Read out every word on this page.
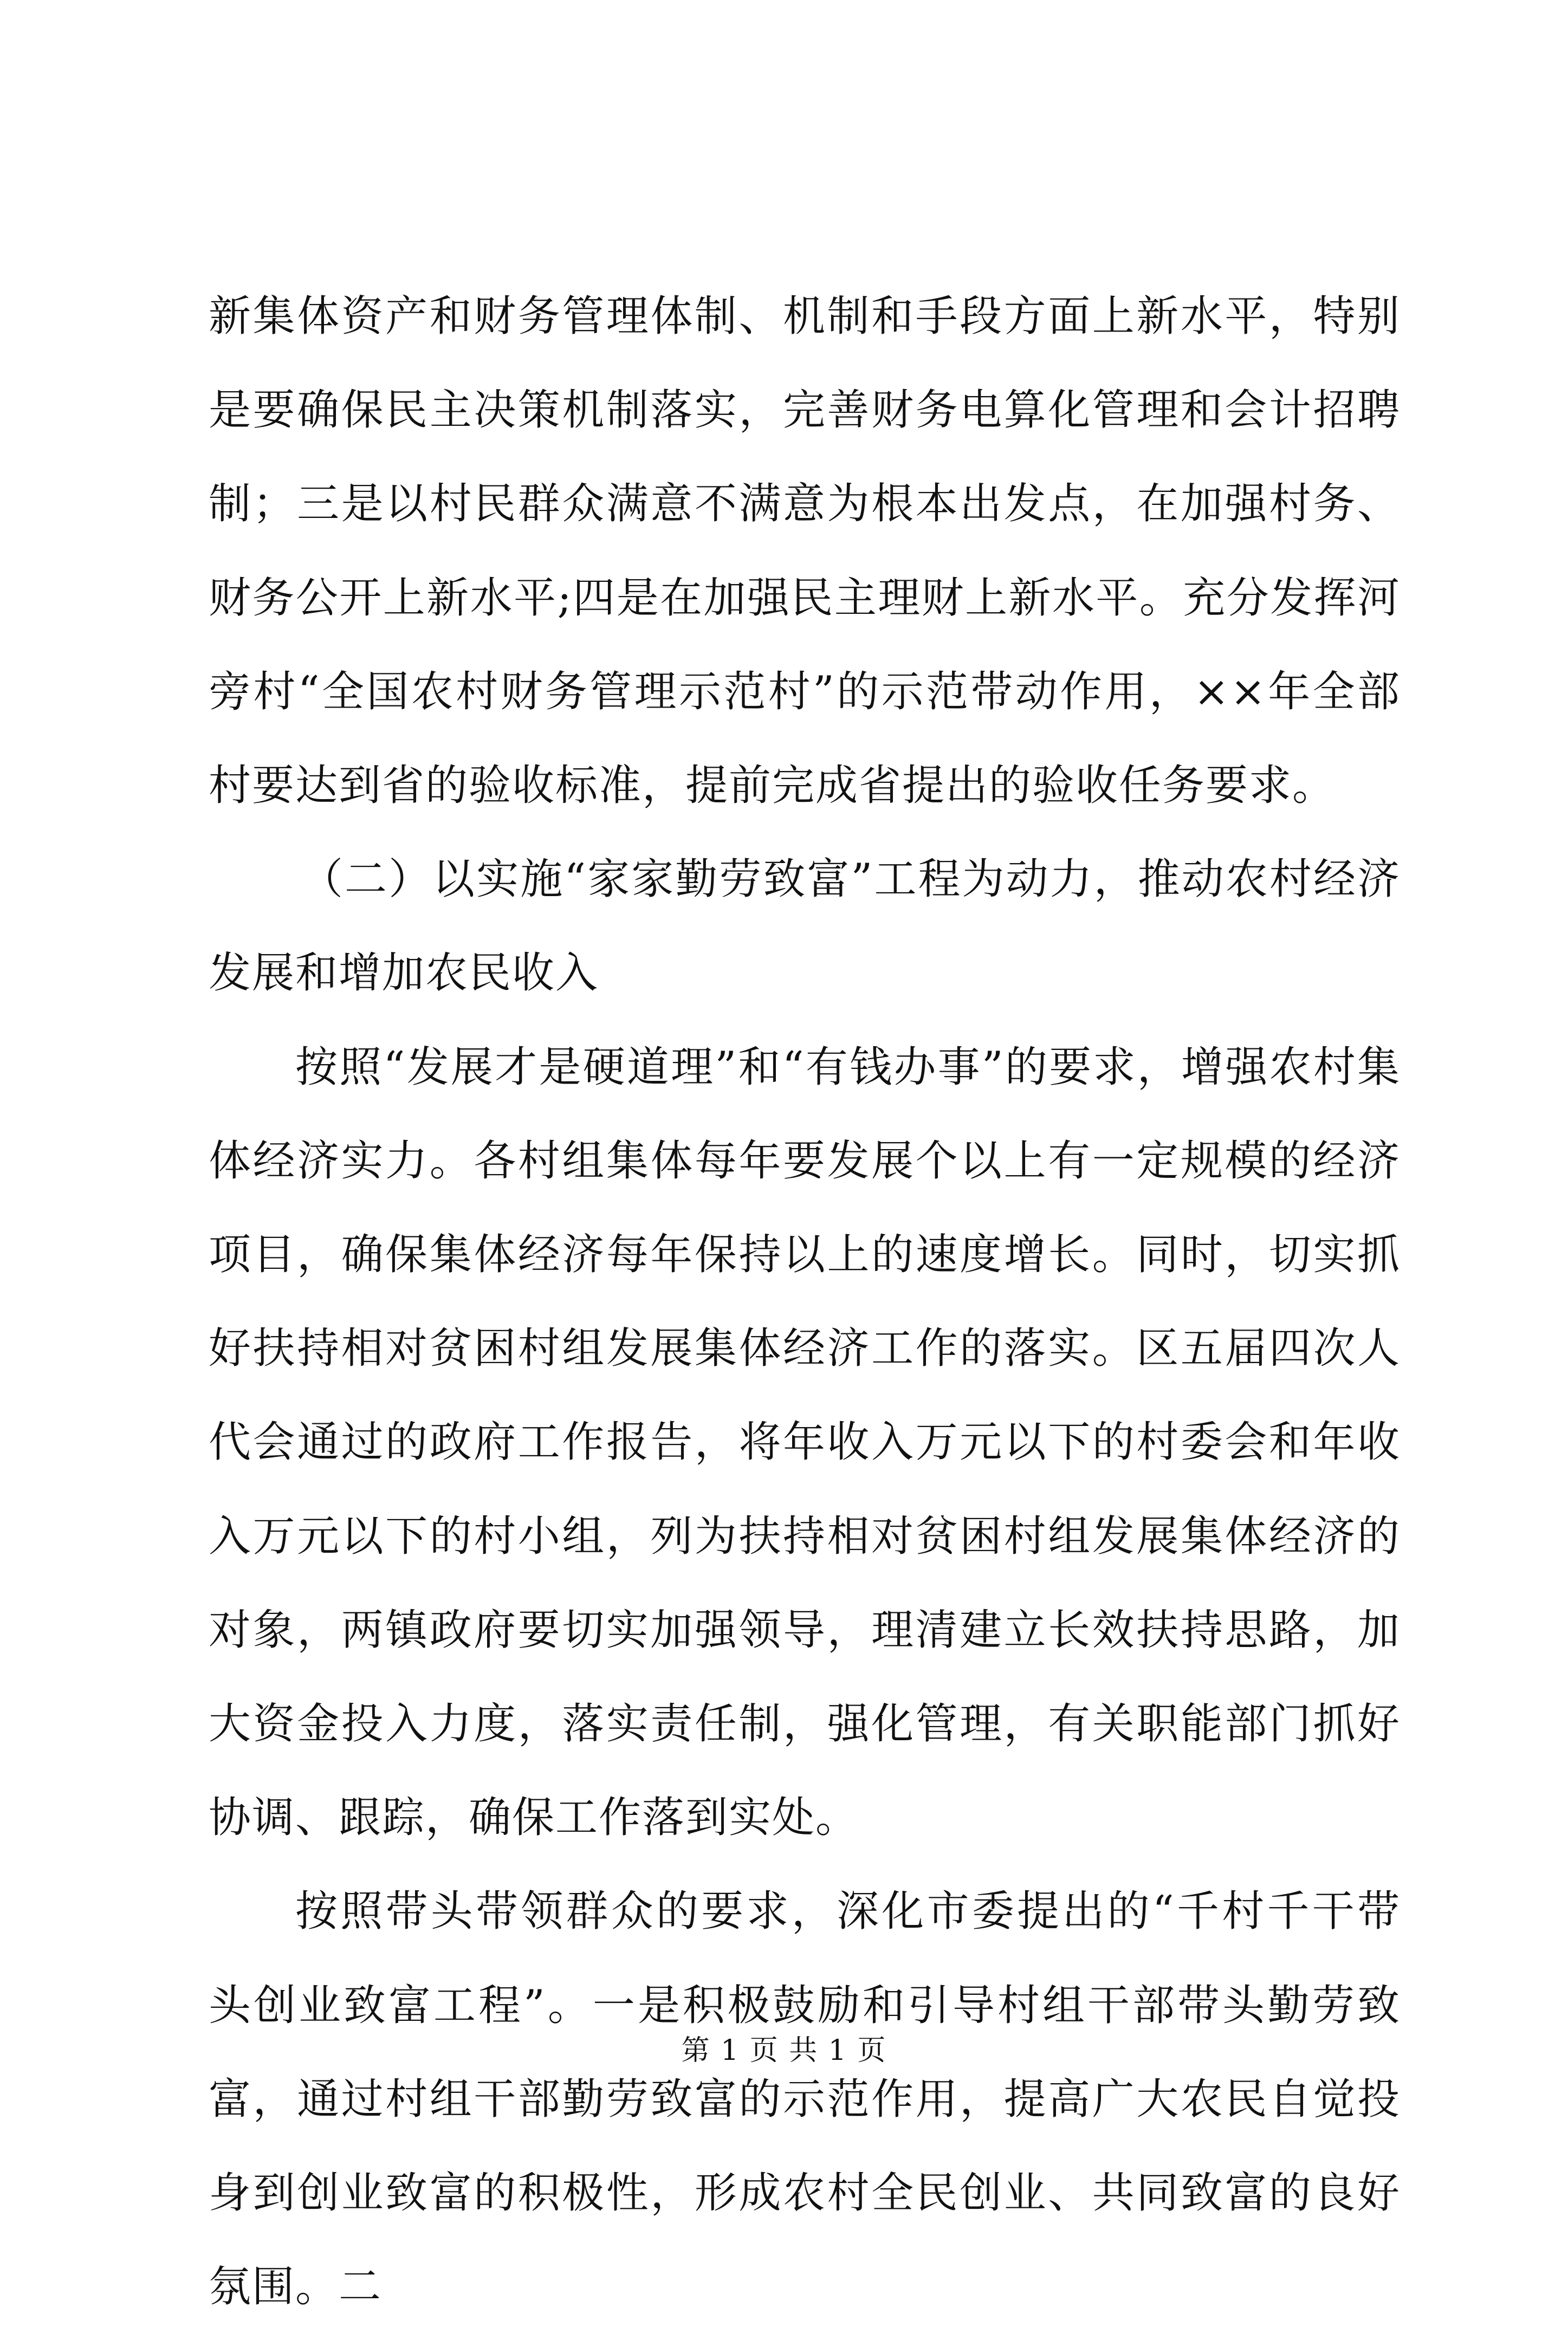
新集体资产和财务管理体制、机制和手段方面上新水平，特别是要确保民主决策机制落实，完善财务电算化管理和会计招聘制；三是以村民群众满意不满意为根本出发点，在加强村务、财务公开上新水平;四是在加强民主理财上新水平。充分发挥河旁村“全国农村财务管理示范村”的示范带动作用，××年全部村要达到省的验收标准，提前完成省提出的验收任务要求。

（二）以实施“家家勤劳致富”工程为动力，推动农村经济发展和增加农民收入

按照“发展才是硬道理”和“有钱办事”的要求，增强农村集体经济实力。各村组集体每年要发展个以上有一定规模的经济项目，确保集体经济每年保持以上的速度增长。同时，切实抓好扶持相对贫困村组发展集体经济工作的落实。区五届四次人代会通过的政府工作报告，将年收入万元以下的村委会和年收入万元以下的村小组，列为扶持相对贫困村组发展集体经济的对象，两镇政府要切实加强领导，理清建立长效扶持思路，加大资金投入力度，落实责任制，强化管理，有关职能部门抓好协调、跟踪，确保工作落到实处。

按照带头带领群众的要求，深化市委提出的“千村千干带头创业致富工程”。一是积极鼓励和引导村组干部带头勤劳致富，通过村组干部勤劳致富的示范作用，提高广大农民自觉投身到创业致富的积极性，形成农村全民创业、共同致富的良好氛围。二

第 1 页 共 1 页
